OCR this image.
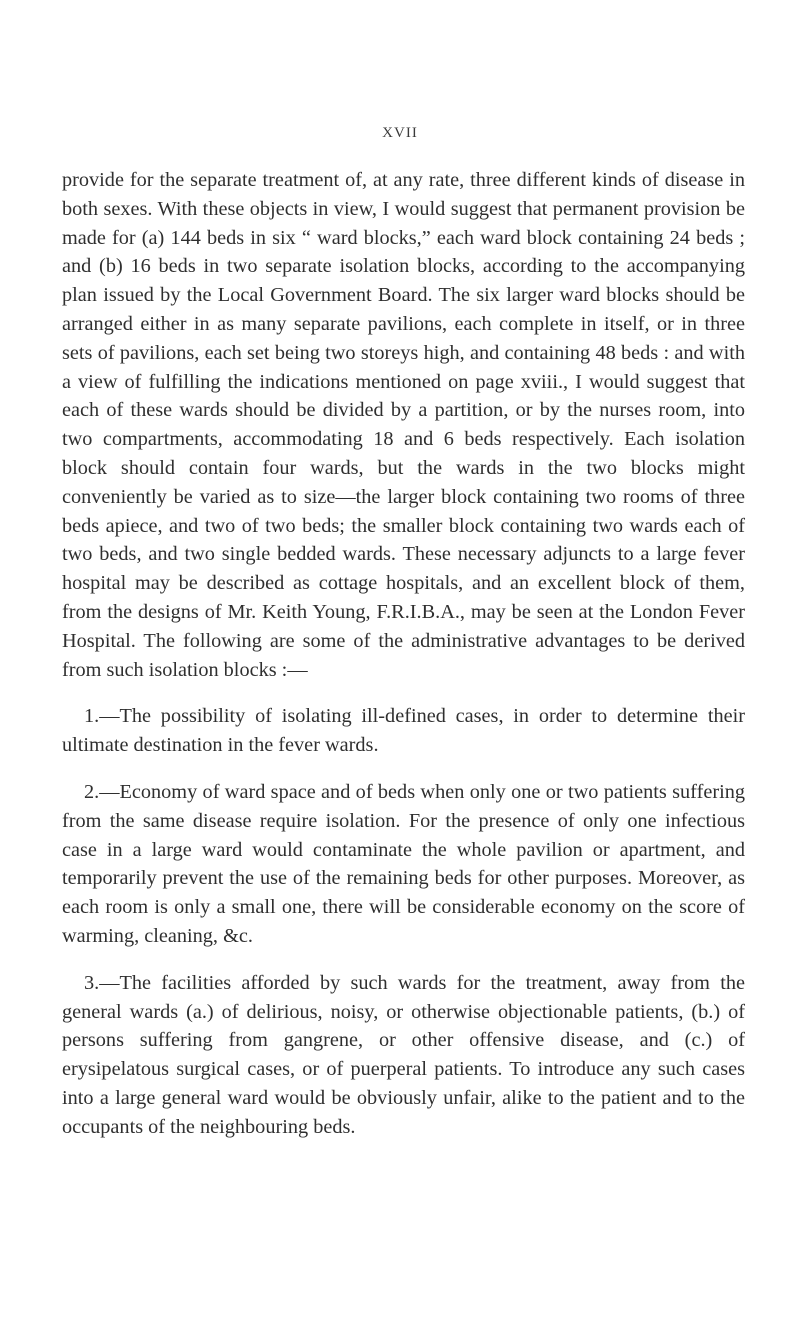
xvii

provide for the separate treatment of, at any rate, three different kinds of disease in both sexes. With these objects in view, I would suggest that permanent provision be made for (a) 144 beds in six “ ward blocks,” each ward block containing 24 beds ; and (b) 16 beds in two separate isolation blocks, according to the accompanying plan issued by the Local Government Board. The six larger ward blocks should be arranged either in as many separate pavilions, each complete in itself, or in three sets of pavilions, each set being two storeys high, and containing 48 beds : and with a view of fulfilling the indications mentioned on page xviii., I would suggest that each of these wards should be divided by a partition, or by the nurses room, into two compartments, accommodating 18 and 6 beds respectively. Each isolation block should contain four wards, but the wards in the two blocks might conveniently be varied as to size—the larger block containing two rooms of three beds apiece, and two of two beds; the smaller block containing two wards each of two beds, and two single bedded wards. These necessary adjuncts to a large fever hospital may be described as cottage hospitals, and an excellent block of them, from the designs of Mr. Keith Young, F.R.I.B.A., may be seen at the London Fever Hospital. The following are some of the administrative advantages to be derived from such isolation blocks :—

1.—The possibility of isolating ill-defined cases, in order to determine their ultimate destination in the fever wards.

2.—Economy of ward space and of beds when only one or two patients suffering from the same disease require isolation. For the presence of only one infectious case in a large ward would contaminate the whole pavilion or apartment, and temporarily prevent the use of the remaining beds for other purposes. Moreover, as each room is only a small one, there will be considerable economy on the score of warming, cleaning, &c.

3.—The facilities afforded by such wards for the treatment, away from the general wards (a.) of delirious, noisy, or otherwise objectionable patients, (b.) of persons suffering from gangrene, or other offensive disease, and (c.) of erysipelatous surgical cases, or of puerperal patients. To introduce any such cases into a large general ward would be obviously unfair, alike to the patient and to the occupants of the neighbouring beds.
